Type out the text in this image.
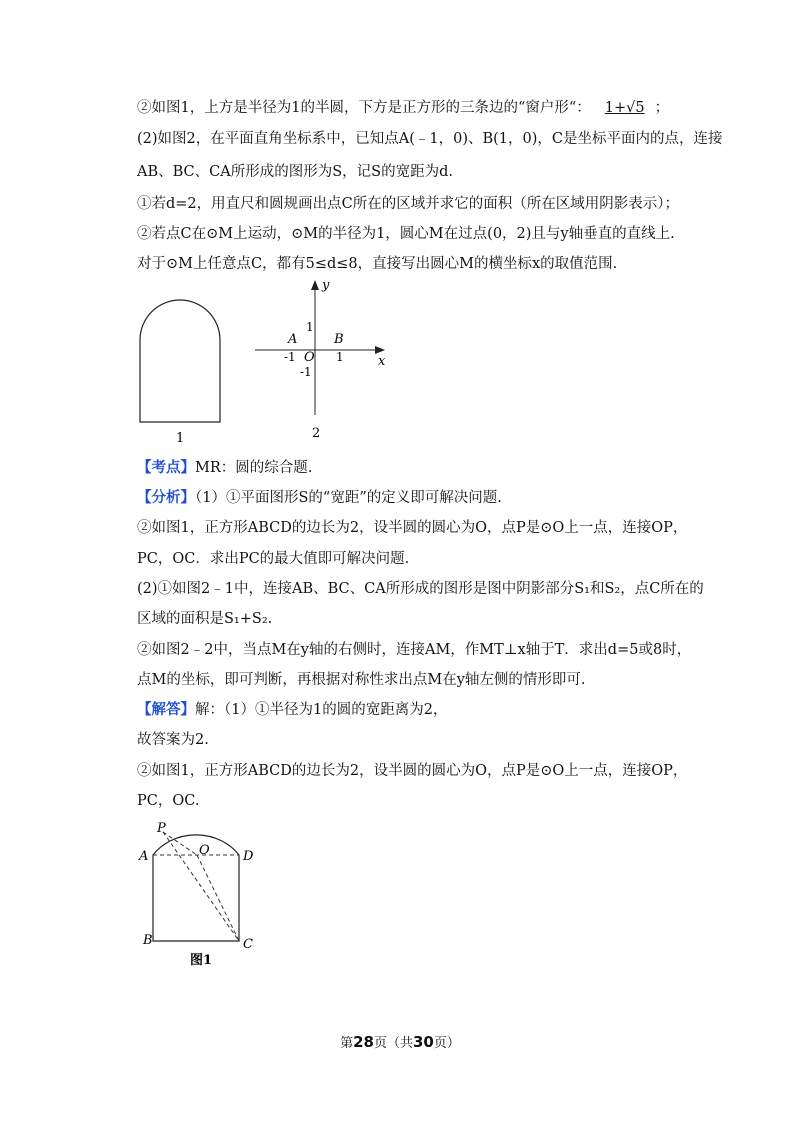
②如图1，上方是半径为1的半圆，下方是正方形的三条边的“窗户形“： 1+√5 ；
(2)如图2，在平面直角坐标系中，已知点A(﹣1，0)、B(1，0)，C是坐标平面内的点，连接
AB、BC、CA所形成的图形为S，记S的宽距为d.
①若d=2，用直尺和圆规画出点C所在的区域并求它的面积（所在区域用阴影表示）；
②若点C在⊙M上运动，⊙M的半径为1，圆心M在过点(0，2)且与y轴垂直的直线上.
对于⊙M上任意点C，都有5≤d≤8，直接写出圆心M的横坐标x的取值范围.
1
x
y
A	B
O
-1	1
1
-1
2
【考点】MR：圆的综合题.
【分析】（1）①平面图形S的“宽距”的定义即可解决问题.
②如图1，正方形ABCD的边长为2，设半圆的圆心为O，点P是⊙O上一点，连接OP，
PC，OC．求出PC的最大值即可解决问题.
(2)①如图2﹣1中，连接AB、BC、CA所形成的图形是图中阴影部分S₁和S₂，点C所在的
区域的面积是S₁+S₂.
②如图2﹣2中，当点M在y轴的右侧时，连接AM，作MT⊥x轴于T．求出d=5或8时，
点M的坐标，即可判断，再根据对称性求出点M在y轴左侧的情形即可.
【解答】解：（1）①半径为1的圆的宽距离为2，
故答案为2.
②如图1，正方形ABCD的边长为2，设半圆的圆心为O，点P是⊙O上一点，连接OP，
PC，OC.
P
A	O	D
B	C
图1
第28页（共30页）
